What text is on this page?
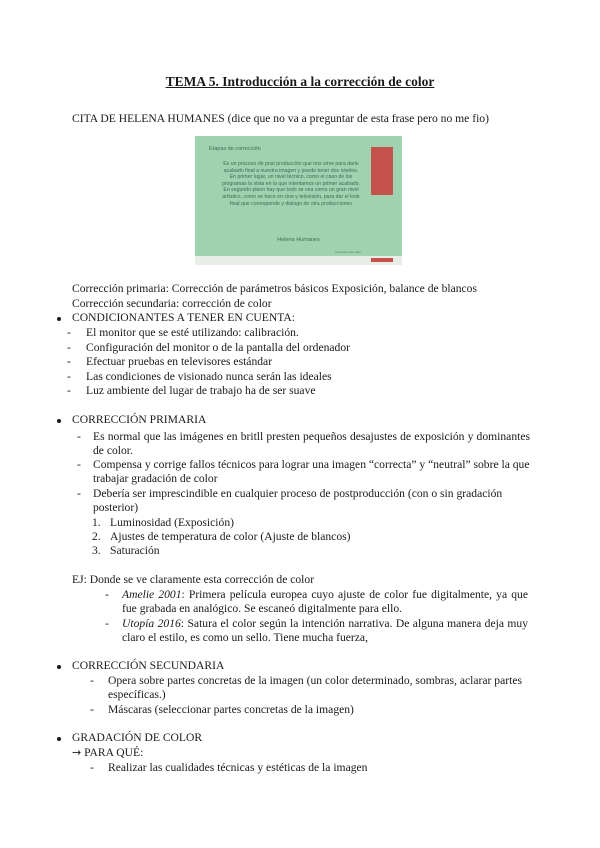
TEMA 5. Introducción a la corrección de color
CITA DE HELENA HUMANES (dice que no va a preguntar de esta frase pero no me fio)
Etapas de corrección
Es un proceso de post producción que nos sirve para darle acabado final a nuestra imagen y puede tener dos niveles. En primer lugar, un nivel técnico, como el caso de los programas la vista en la que intentamos un primer acabado. En segundo plano hay que todo se vea como un gran nivel artístico, como se hace en cine y televisión, para dar el look final que corresponde y dialogo de otra producciones
Helena Humanes
Corrección de color
Corrección primaria: Corrección de parámetros básicos Exposición, balance de blancos
Corrección secundaria: corrección de color
CONDICIONANTES A TENER EN CUENTA:
- El monitor que se esté utilizando: calibración.
- Configuración del monitor o de la pantalla del ordenador
- Efectuar pruebas en televisores estándar
- Las condiciones de visionado nunca serán las ideales
- Luz ambiente del lugar de trabajo ha de ser suave
CORRECCIÓN PRIMARIA
- Es normal que las imágenes en britll presten pequeños desajustes de exposición y dominantes de color.
- Compensa y corrige fallos técnicos para lograr una imagen “correcta” y “neutral” sobre la que trabajar gradación de color
- Debería ser imprescindible en cualquier proceso de postproducción (con o sin gradación posterior)
1. Luminosidad (Exposición)
2. Ajustes de temperatura de color (Ajuste de blancos)
3. Saturación
EJ: Donde se ve claramente esta corrección de color
- Amelie 2001: Primera película europea cuyo ajuste de color fue digitalmente, ya que fue grabada en analógico. Se escaneó digitalmente para ello.
- Utopía 2016: Satura el color según la intención narrativa. De alguna manera deja muy claro el estilo, es como un sello. Tiene mucha fuerza,
CORRECCIÓN SECUNDARIA
- Opera sobre partes concretas de la imagen (un color determinado, sombras, aclarar partes específicas.)
- Máscaras (seleccionar partes concretas de la imagen)
GRADACIÓN DE COLOR
→ PARA QUÉ:
- Realizar las cualidades técnicas y estéticas de la imagen
